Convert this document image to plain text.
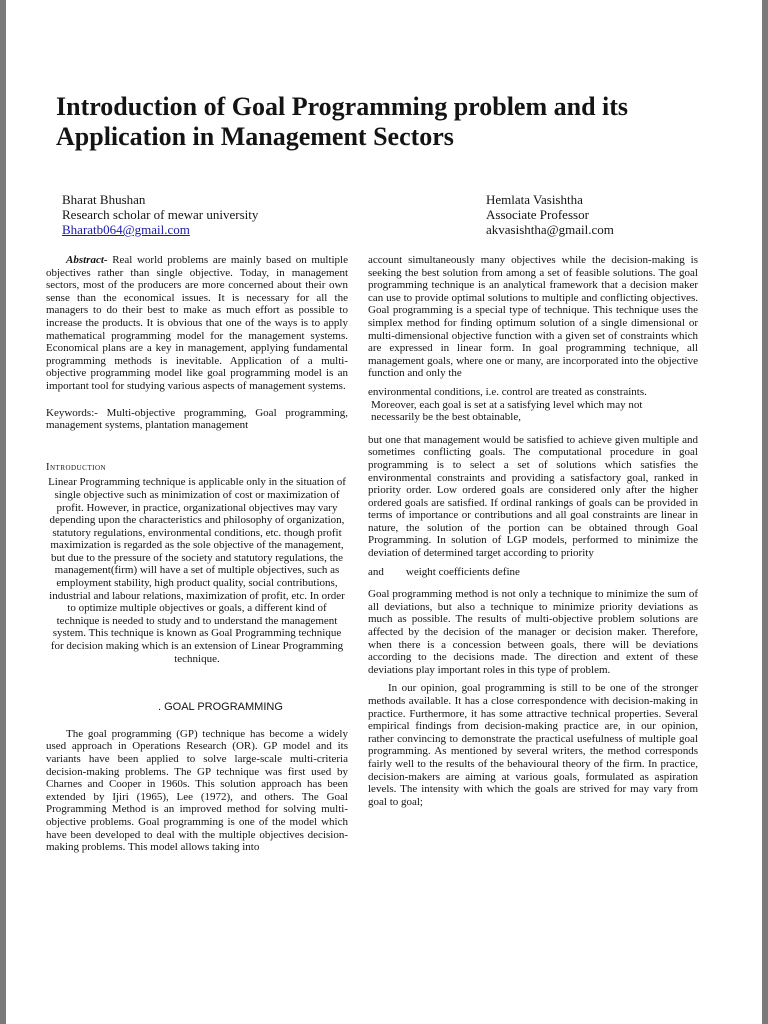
Introduction of Goal Programming problem and its Application in Management Sectors
Bharat Bhushan
Research scholar of mewar university
Bharatb064@gmail.com
Hemlata Vasishtha
Associate Professor
akvasishtha@gmail.com

Abstract- Real world problems are mainly based on multiple objectives rather than single objective. Today, in management sectors, most of the producers are more concerned about their own sense than the economical issues. It is necessary for all the managers to do their best to make as much effort as possible to increase the products. It is obvious that one of the ways is to apply mathematical programming model for the management systems. Economical plans are a key in management, applying fundamental programming methods is inevitable. Application of a multi-objective programming model like goal programming model is an important tool for studying various aspects of management systems.

Keywords:- Multi-objective programming, Goal programming, management systems, plantation management

Introduction

Linear Programming technique is applicable only in the situation of single objective such as minimization of cost or maximization of profit. However, in practice, organizational objectives may vary depending upon the characteristics and philosophy of organization, statutory regulations, environmental conditions, etc. though profit maximization is regarded as the sole objective of the management, but due to the pressure of the society and statutory regulations, the management(firm) will have a set of multiple objectives, such as employment stability, high product quality, social contributions, industrial and labour relations, maximization of profit, etc. In order to optimize multiple objectives or goals, a different kind of technique is needed to study and to understand the management system. This technique is known as Goal Programming technique for decision making which is an extension of Linear Programming technique.

. GOAL PROGRAMMING

The goal programming (GP) technique has become a widely used approach in Operations Research (OR). GP model and its variants have been applied to solve large-scale multi-criteria decision-making problems. The GP technique was first used by Charnes and Cooper in 1960s. This solution approach has been extended by Ijiri (1965), Lee (1972), and others. The Goal Programming Method is an improved method for solving multi-objective problems. Goal programming is one of the model which have been developed to deal with the multiple objectives decision-making problems. This model allows taking into

account simultaneously many objectives while the decision-making is seeking the best solution from among a set of feasible solutions. The goal programming technique is an analytical framework that a decision maker can use to provide optimal solutions to multiple and conflicting objectives. Goal programming is a special type of technique. This technique uses the simplex method for finding optimum solution of a single dimensional or multi-dimensional objective function with a given set of constraints which are expressed in linear form. In goal programming technique, all management goals, where one or many, are incorporated into the objective function and only the

environmental conditions, i.e. control are treated as constraints.

Moreover, each goal is set at a satisfying level which may not

necessarily be the best obtainable,

but one that management would be satisfied to achieve given multiple and sometimes conflicting goals. The computational procedure in goal programming is to select a set of solutions which satisfies the environmental constraints and providing a satisfactory goal, ranked in priority order. Low ordered goals are considered only after the higher ordered goals are satisfied. If ordinal rankings of goals can be provided in terms of importance or contributions and all goal constraints are linear in nature, the solution of the portion can be obtained through Goal Programming. In solution of LGP models, performed to minimize the deviation of determined target according to priority

and        weight coefficients define

Goal programming method is not only a technique to minimize the sum of all deviations, but also a technique to minimize priority deviations as much as possible. The results of multi-objective problem solutions are affected by the decision of the manager or decision maker. Therefore, when there is a concession between goals, there will be deviations according to the decisions made. The direction and extent of these deviations play important roles in this type of problem.

In our opinion, goal programming is still to be one of the stronger methods available. It has a close correspondence with decision-making in practice. Furthermore, it has some attractive technical properties. Several empirical findings from decision-making practice are, in our opinion, rather convincing to demonstrate the practical usefulness of multiple goal programming. As mentioned by several writers, the method corresponds fairly well to the results of the behavioural theory of the firm. In practice, decision-makers are aiming at various goals, formulated as aspiration levels. The intensity with which the goals are strived for may vary from goal to goal;
